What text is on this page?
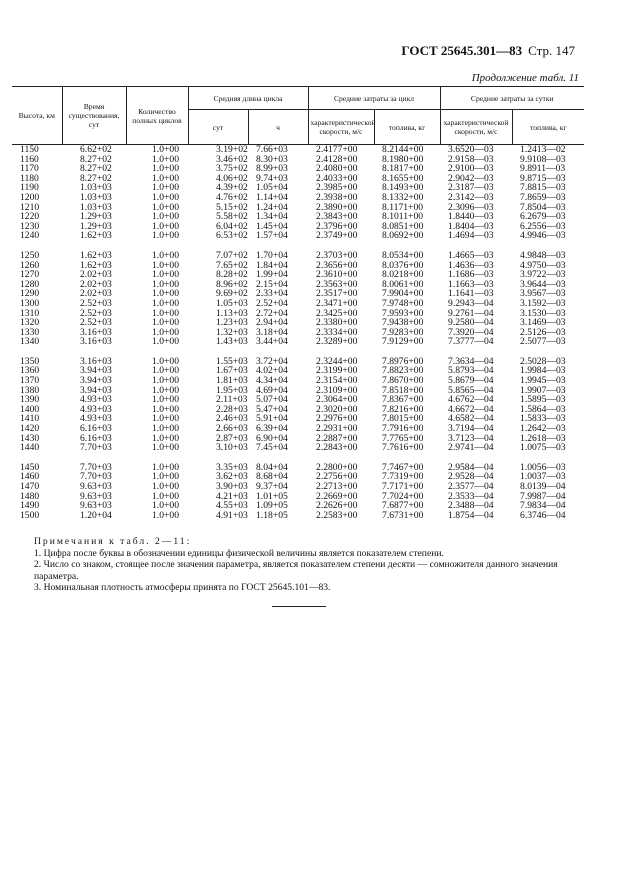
ГОСТ 25645.301—83 Стр. 147
Продолжение табл. 11
Высота, км	Время существования, сут	Количество полных циклов	Средняя длина цикла		Средние затраты за цикл		Средние затраты за сутки	
			сут	ч	характеристической скорости, м/с	топлива, кг	характеристической скорости, м/с	топливa, кг
1150	6.62+02	1.0+00	3.19+02	7.66+03	2.4177+00	8.2144+00	3.6520—03	1.2413—02
1160	8.27+02	1.0+00	3.46+02	8.30+03	2.4128+00	8.1980+00	2.9158—03	9.9108—03
1170	8.27+02	1.0+00	3.75+02	8.99+03	2.4080+00	8.1817+00	2.9100—03	9.8911—03
1180	8.27+02	1.0+00	4.06+02	9.74+03	2.4033+00	8.1655+00	2.9042—03	9.8715—03
1190	1.03+03	1.0+00	4.39+02	1.05+04	2.3985+00	8.1493+00	2.3187—03	7.8815—03
1200	1.03+03	1.0+00	4.76+02	1.14+04	2.3938+00	8.1332+00	2.3142—03	7.8659—03
1210	1.03+03	1.0+00	5.15+02	1.24+04	2.3890+00	8.1171+00	2.3096—03	7.8504—03
1220	1.29+03	1.0+00	5.58+02	1.34+04	2.3843+00	8.1011+00	1.8440—03	6.2679—03
1230	1.29+03	1.0+00	6.04+02	1.45+04	2.3796+00	8.0851+00	1.8404—03	6.2556—03
1240	1.62+03	1.0+00	6.53+02	1.57+04	2.3749+00	8.0692+00	1.4694—03	4.9946—03

1250	1.62+03	1.0+00	7.07+02	1.70+04	2.3703+00	8.0534+00	1.4665—03	4.9848—03
1260	1.62+03	1.0+00	7.65+02	1.84+04	2.3656+00	8.0376+00	1.4636—03	4.9750—03
1270	2.02+03	1.0+00	8.28+02	1.99+04	2.3610+00	8.0218+00	1.1686—03	3.9722—03
1280	2.02+03	1.0+00	8.96+02	2.15+04	2.3563+00	8.0061+00	1.1663—03	3.9644—03
1290	2.02+03	1.0+00	9.69+02	2.33+04	2.3517+00	7.9904+00	1.1641—03	3.9567—03
1300	2.52+03	1.0+00	1.05+03	2.52+04	2.3471+00	7.9748+00	9.2943—04	3.1592—03
1310	2.52+03	1.0+00	1.13+03	2.72+04	2.3425+00	7.9593+00	9.2761—04	3.1530—03
1320	2.52+03	1.0+00	1.23+03	2.94+04	2.3380+00	7.9438+00	9.2580—04	3.1469—03
1330	3.16+03	1.0+00	1.32+03	3.18+04	2.3334+00	7.9283+00	7.3920—04	2.5126—03
1340	3.16+03	1.0+00	1.43+03	3.44+04	2.3289+00	7.9129+00	7.3777—04	2.5077—03

1350	3.16+03	1.0+00	1.55+03	3.72+04	2.3244+00	7.8976+00	7.3634—04	2.5028—03
1360	3.94+03	1.0+00	1.67+03	4.02+04	2.3199+00	7.8823+00	5.8793—04	1.9984—03
1370	3.94+03	1.0+00	1.81+03	4.34+04	2.3154+00	7.8670+00	5.8679—04	1.9945—03
1380	3.94+03	1.0+00	1.95+03	4.69+04	2.3109+00	7.8518+00	5.8565—04	1.9907—03
1390	4.93+03	1.0+00	2.11+03	5.07+04	2.3064+00	7.8367+00	4.6762—04	1.5895—03
1400	4.93+03	1.0+00	2.28+03	5.47+04	2.3020+00	7.8216+00	4.6672—04	1.5864—03
1410	4.93+03	1.0+00	2.46+03	5.91+04	2.2976+00	7.8015+00	4.6582—04	1.5833—03
1420	6.16+03	1.0+00	2.66+03	6.39+04	2.2931+00	7.7916+00	3.7194—04	1.2642—03
1430	6.16+03	1.0+00	2.87+03	6.90+04	2.2887+00	7.7765+00	3.7123—04	1.2618—03
1440	7.70+03	1.0+00	3.10+03	7.45+04	2.2843+00	7.7616+00	2.9741—04	1.0075—03

1450	7.70+03	1.0+00	3.35+03	8.04+04	2.2800+00	7.7467+00	2.9584—04	1.0056—03
1460	7.70+03	1.0+00	3.62+03	8.68+04	2.2756+00	7.7319+00	2.9528—04	1.0037—03
1470	9.63+03	1.0+00	3.90+03	9.37+04	2.2713+00	7.7171+00	2.3577—04	8.0139—04
1480	9.63+03	1.0+00	4.21+03	1.01+05	2.2669+00	7.7024+00	2.3533—04	7.9987—04
1490	9.63+03	1.0+00	4.55+03	1.09+05	2.2626+00	7.6877+00	2.3488—04	7.9834—04
1500	1.20+04	1.0+00	4.91+03	1.18+05	2.2583+00	7.6731+00	1.8754—04	6.3746—04

Примечания к табл. 2—11:

1. Цифра после буквы в обозначении единицы физической величины является показателем степени.

2. Число со знаком, стоящее после значения параметра, является показателем степени десяти — сомножителя данного значения параметра.

3. Номинальная плотность атмосферы принята по ГОСТ 25645.101—83.
